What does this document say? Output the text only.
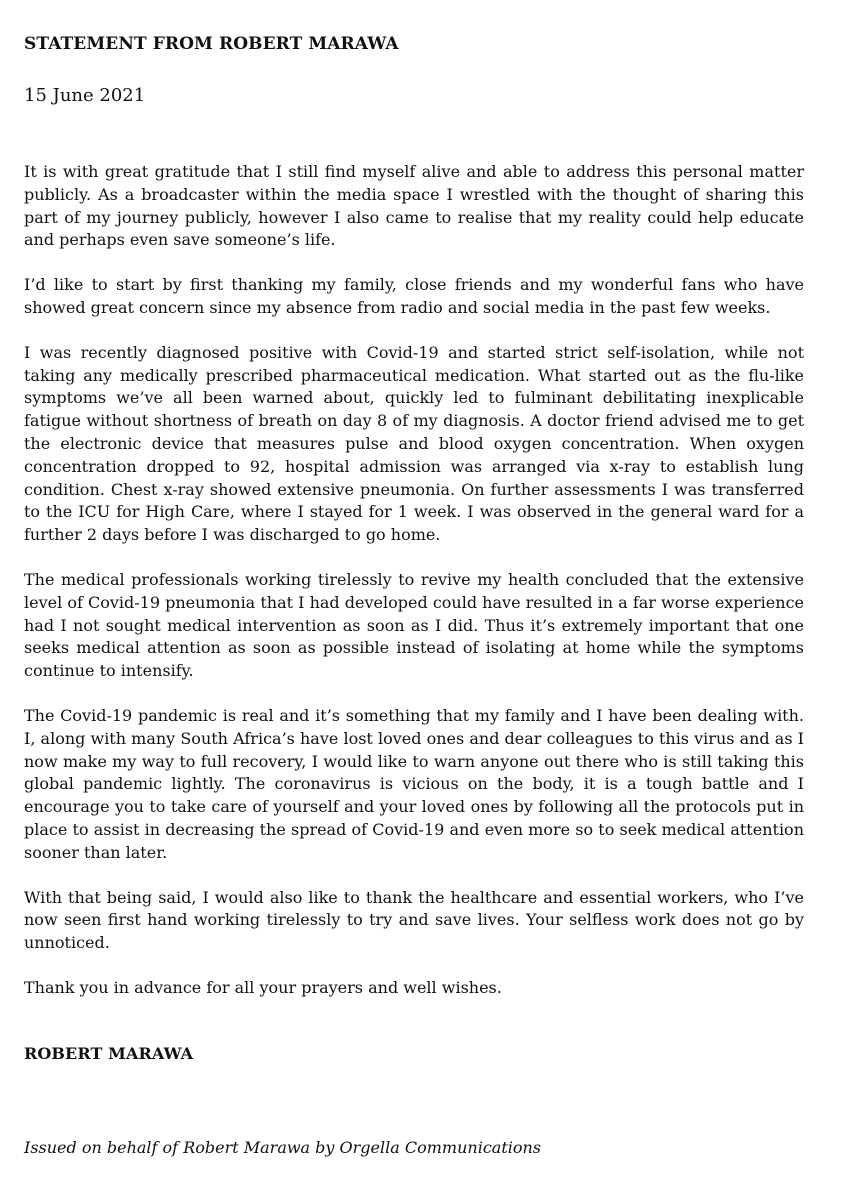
STATEMENT FROM ROBERT MARAWA
15 June 2021

It is with great gratitude that I still find myself alive and able to address this personal matter publicly. As a broadcaster within the media space I wrestled with the thought of sharing this part of my journey publicly, however I also came to realise that my reality could help educate and perhaps even save someone’s life.

I’d like to start by first thanking my family, close friends and my wonderful fans who have showed great concern since my absence from radio and social media in the past few weeks.

I was recently diagnosed positive with Covid-19 and started strict self-isolation, while not taking any medically prescribed pharmaceutical medication. What started out as the flu-like symptoms we’ve all been warned about, quickly led to fulminant debilitating inexplicable fatigue without shortness of breath on day 8 of my diagnosis. A doctor friend advised me to get the electronic device that measures pulse and blood oxygen concentration. When oxygen concentration dropped to 92, hospital admission was arranged via x-ray to establish lung condition. Chest x-ray showed extensive pneumonia. On further assessments I was transferred to the ICU for High Care, where I stayed for 1 week. I was observed in the general ward for a further 2 days before I was discharged to go home.

The medical professionals working tirelessly to revive my health concluded that the extensive level of Covid-19 pneumonia that I had developed could have resulted in a far worse experience had I not sought medical intervention as soon as I did. Thus it’s extremely important that one seeks medical attention as soon as possible instead of isolating at home while the symptoms continue to intensify.

The Covid-19 pandemic is real and it’s something that my family and I have been dealing with. I, along with many South Africa’s have lost loved ones and dear colleagues to this virus and as I now make my way to full recovery, I would like to warn anyone out there who is still taking this global pandemic lightly. The coronavirus is vicious on the body, it is a tough battle and I encourage you to take care of yourself and your loved ones by following all the protocols put in place to assist in decreasing the spread of Covid-19 and even more so to seek medical attention sooner than later.

With that being said, I would also like to thank the healthcare and essential workers, who I’ve now seen first hand working tirelessly to try and save lives. Your selfless work does not go by unnoticed.

Thank you in advance for all your prayers and well wishes.

ROBERT MARAWA
Issued on behalf of Robert Marawa by Orgella Communications
